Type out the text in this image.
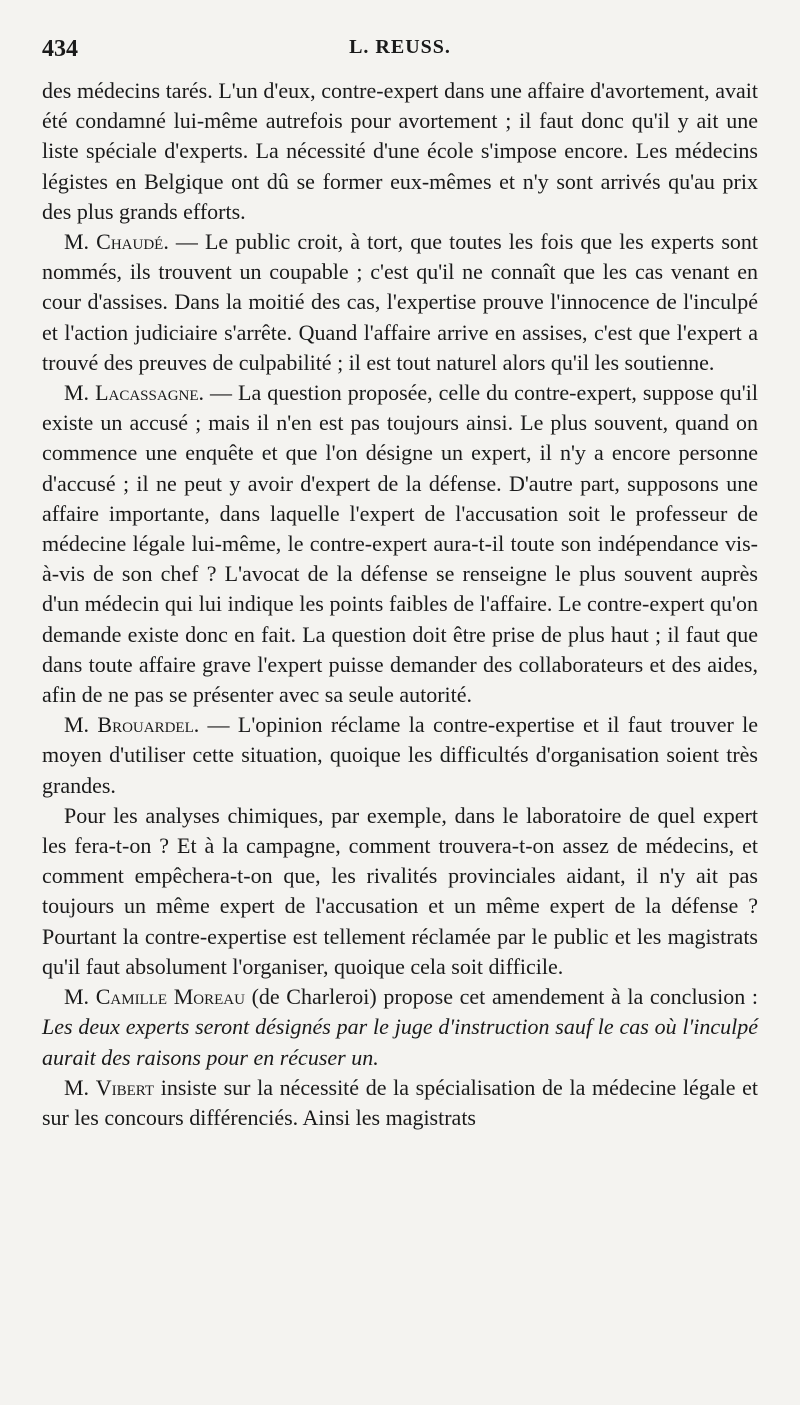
434	L. REUSS.

des médecins tarés. L'un d'eux, contre-expert dans une affaire d'avortement, avait été condamné lui-même autrefois pour avortement ; il faut donc qu'il y ait une liste spéciale d'experts. La nécessité d'une école s'impose encore. Les médecins légistes en Belgique ont dû se former eux-mêmes et n'y sont arrivés qu'au prix des plus grands efforts.

M. Chaudé. — Le public croit, à tort, que toutes les fois que les experts sont nommés, ils trouvent un coupable ; c'est qu'il ne connaît que les cas venant en cour d'assises. Dans la moitié des cas, l'expertise prouve l'innocence de l'inculpé et l'action judiciaire s'arrête. Quand l'affaire arrive en assises, c'est que l'expert a trouvé des preuves de culpabilité ; il est tout naturel alors qu'il les soutienne.

M. Lacassagne. — La question proposée, celle du contre-expert, suppose qu'il existe un accusé ; mais il n'en est pas toujours ainsi. Le plus souvent, quand on commence une enquête et que l'on désigne un expert, il n'y a encore personne d'accusé ; il ne peut y avoir d'expert de la défense. D'autre part, supposons une affaire importante, dans laquelle l'expert de l'accusation soit le professeur de médecine légale lui-même, le contre-expert aura-t-il toute son indépendance vis-à-vis de son chef ? L'avocat de la défense se renseigne le plus souvent auprès d'un médecin qui lui indique les points faibles de l'affaire. Le contre-expert qu'on demande existe donc en fait. La question doit être prise de plus haut ; il faut que dans toute affaire grave l'expert puisse demander des collaborateurs et des aides, afin de ne pas se présenter avec sa seule autorité.

M. Brouardel. — L'opinion réclame la contre-expertise et il faut trouver le moyen d'utiliser cette situation, quoique les difficultés d'organisation soient très grandes.

Pour les analyses chimiques, par exemple, dans le laboratoire de quel expert les fera-t-on ? Et à la campagne, comment trouvera-t-on assez de médecins, et comment empêchera-t-on que, les rivalités provinciales aidant, il n'y ait pas toujours un même expert de l'accusation et un même expert de la défense ? Pourtant la contre-expertise est tellement réclamée par le public et les magistrats qu'il faut absolument l'organiser, quoique cela soit difficile.

M. Camille Moreau (de Charleroi) propose cet amendement à la conclusion : Les deux experts seront désignés par le juge d'instruction sauf le cas où l'inculpé aurait des raisons pour en récuser un.

M. Vibert insiste sur la nécessité de la spécialisation de la médecine légale et sur les concours différenciés. Ainsi les magistrats
